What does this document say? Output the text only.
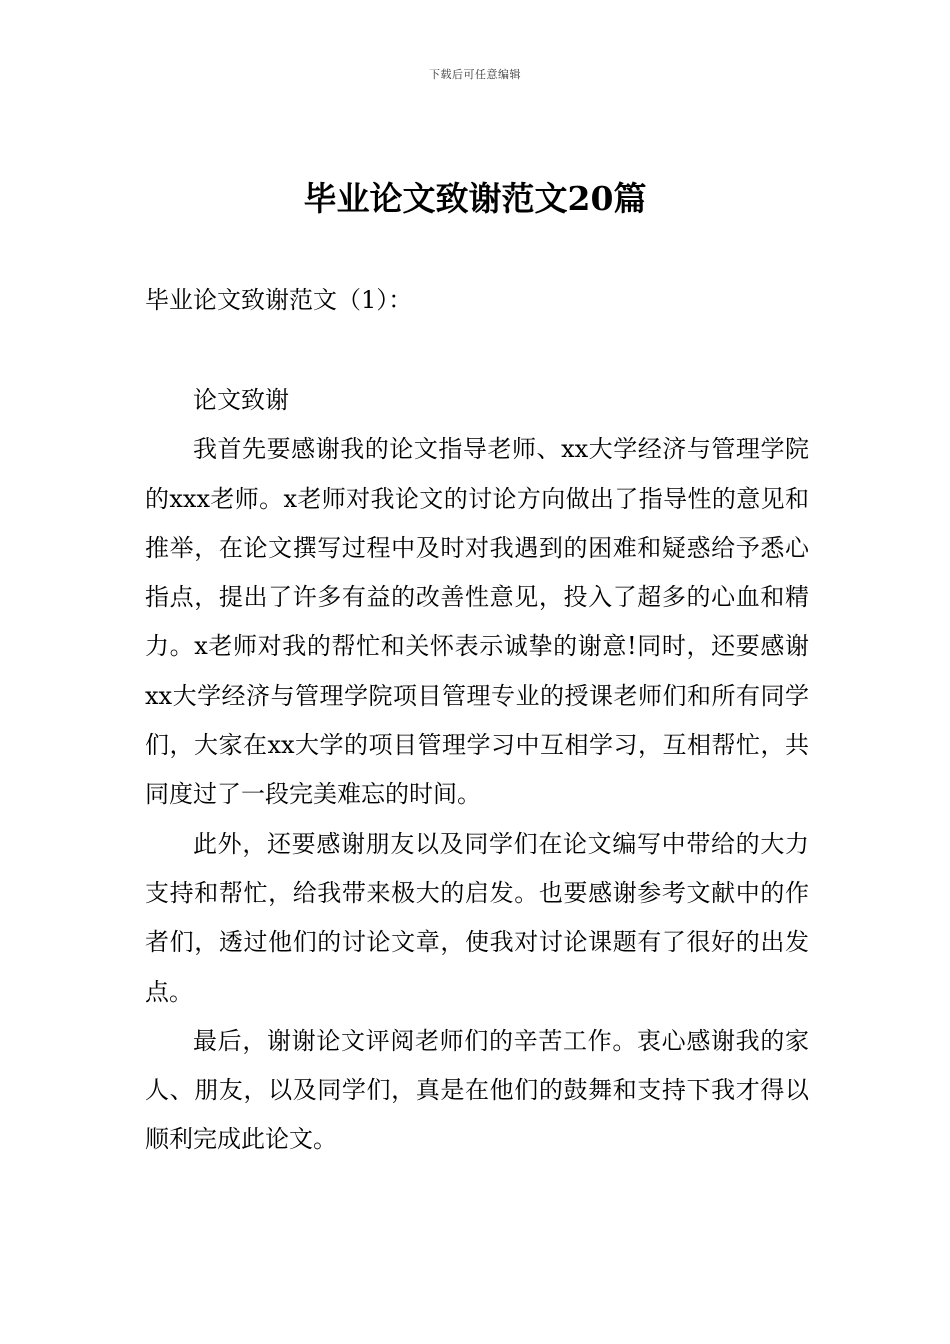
下载后可任意编辑
毕业论文致谢范文20篇

毕业论文致谢范文（1）：

论文致谢

我首先要感谢我的论文指导老师、xx大学经济与管理学院的xxx老师。x老师对我论文的讨论方向做出了指导性的意见和推举，在论文撰写过程中及时对我遇到的困难和疑惑给予悉心指点，提出了许多有益的改善性意见，投入了超多的心血和精力。x老师对我的帮忙和关怀表示诚挚的谢意!同时，还要感谢xx大学经济与管理学院项目管理专业的授课老师们和所有同学们，大家在xx大学的项目管理学习中互相学习，互相帮忙，共同度过了一段完美难忘的时间。

此外，还要感谢朋友以及同学们在论文编写中带给的大力支持和帮忙，给我带来极大的启发。也要感谢参考文献中的作者们，透过他们的讨论文章，使我对讨论课题有了很好的出发点。

最后，谢谢论文评阅老师们的辛苦工作。衷心感谢我的家人、朋友，以及同学们，真是在他们的鼓舞和支持下我才得以顺利完成此论文。
